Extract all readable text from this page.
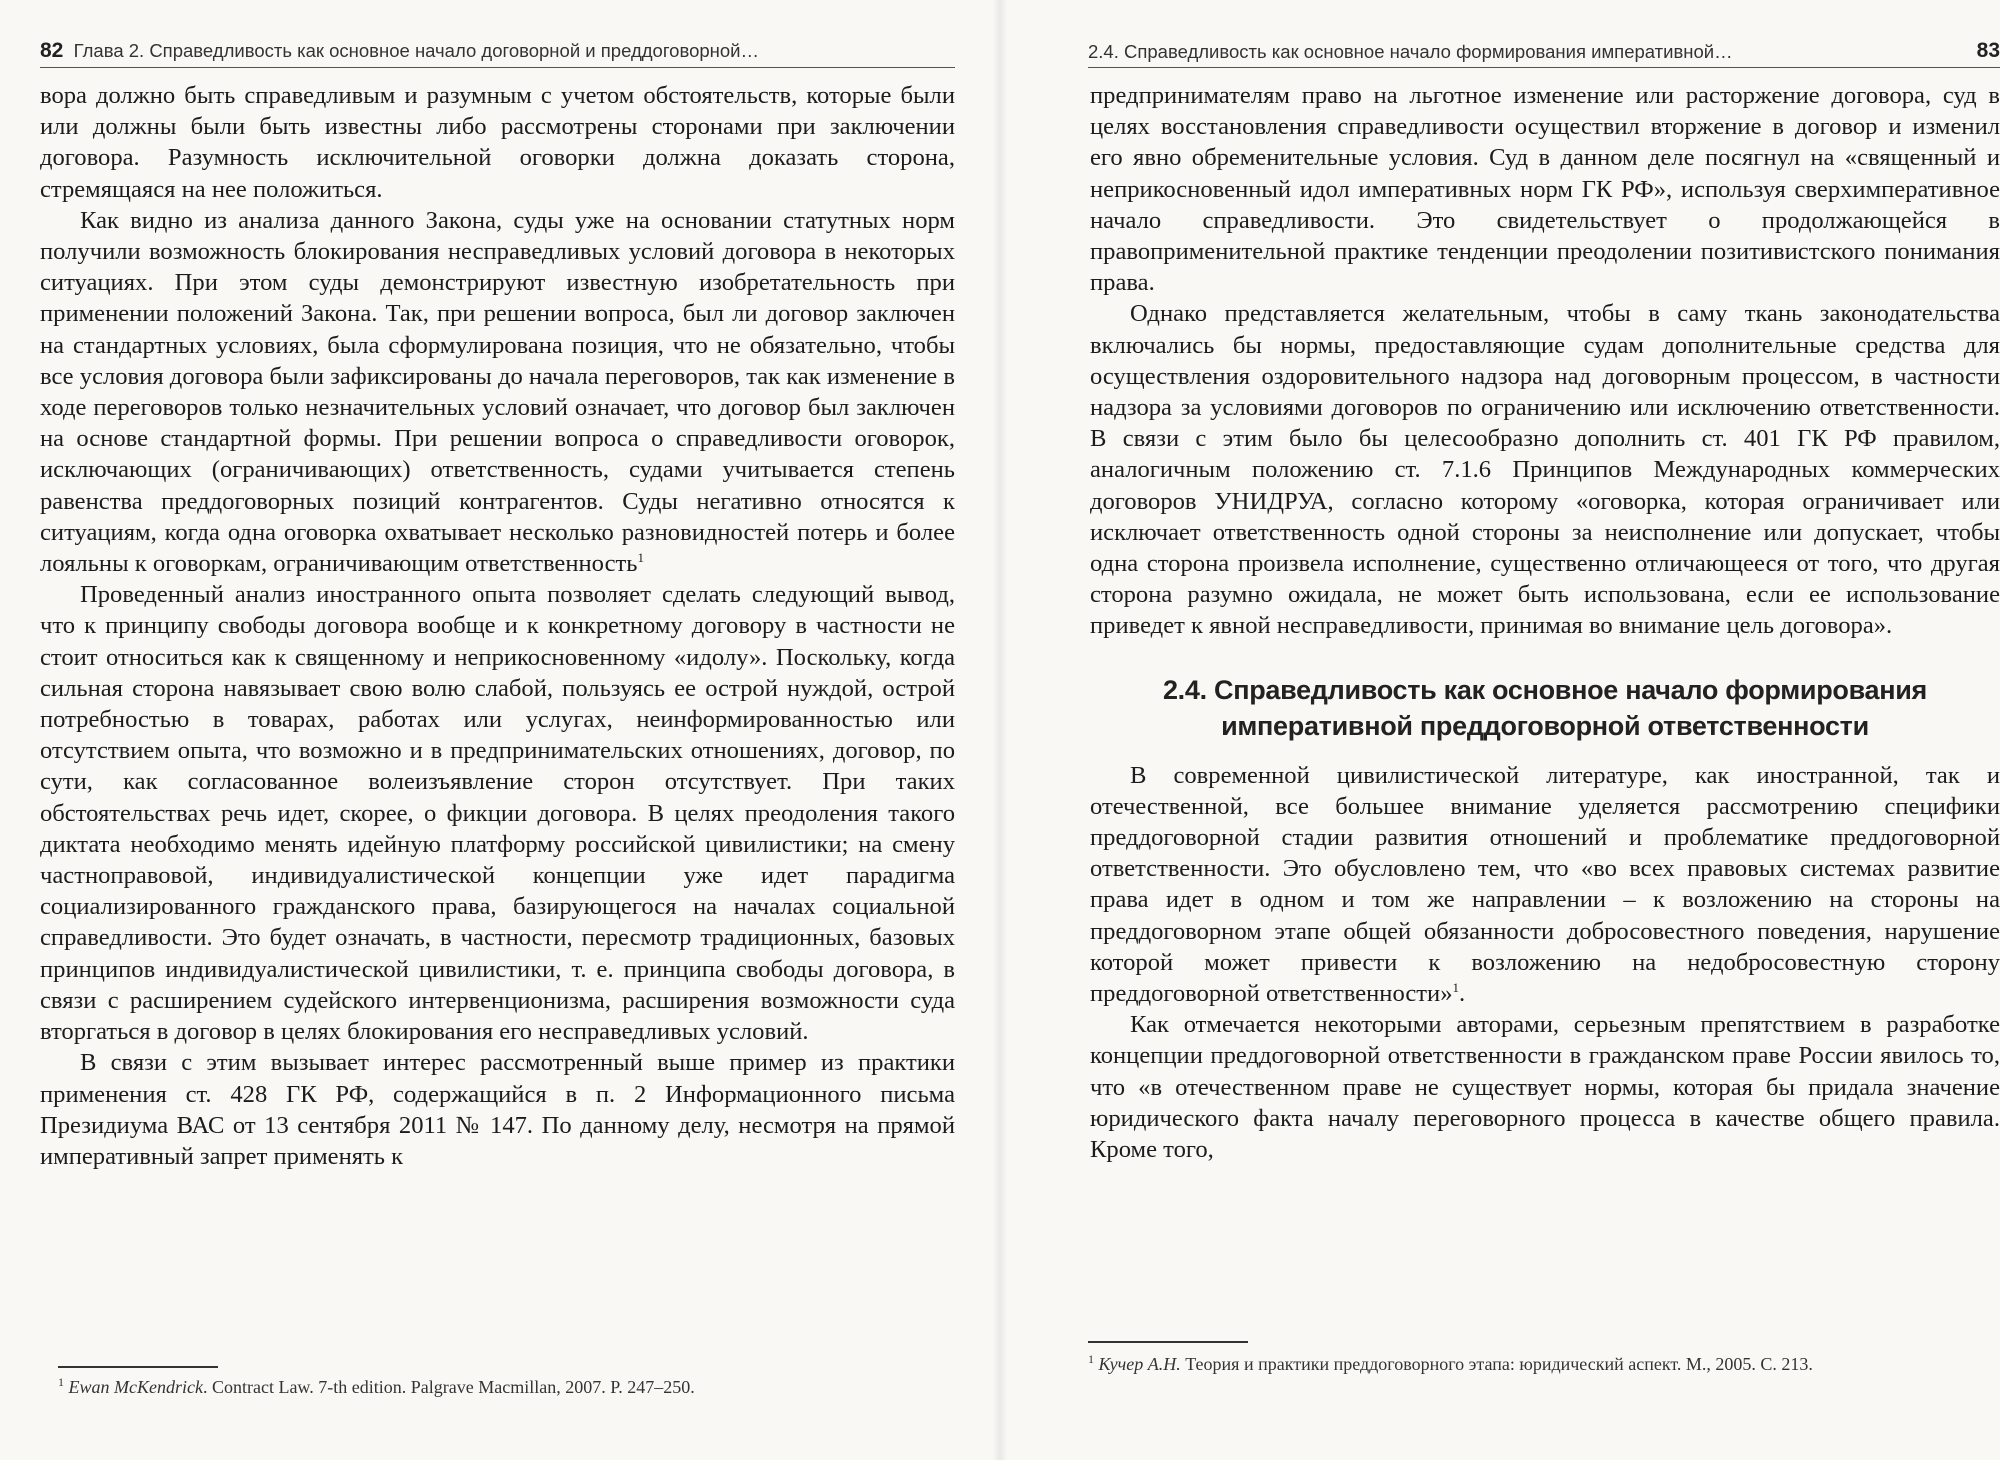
82 Глава 2. Справедливость как основное начало договорной и преддоговорной…

вора должно быть справедливым и разумным с учетом обстоятельств, которые были или должны были быть известны либо рассмотрены сторонами при заключении договора. Разумность исключительной оговорки должна доказать сторона, стремящаяся на нее положиться.

Как видно из анализа данного Закона, суды уже на основании статутных норм получили возможность блокирования несправедливых условий договора в некоторых ситуациях. При этом суды демонстрируют известную изобретательность при применении положений Закона. Так, при решении вопроса, был ли договор заключен на стандартных условиях, была сформулирована позиция, что не обязательно, чтобы все условия договора были зафиксированы до начала переговоров, так как изменение в ходе переговоров только незначительных условий означает, что договор был заключен на основе стандартной формы. При решении вопроса о справедливости оговорок, исключающих (ограничивающих) ответственность, судами учитывается степень равенства преддоговорных позиций контрагентов. Суды негативно относятся к ситуациям, когда одна оговорка охватывает несколько разновидностей потерь и более лояльны к оговоркам, ограничивающим ответственность$^1$

Проведенный анализ иностранного опыта позволяет сделать следующий вывод, что к принципу свободы договора вообще и к конкретному договору в частности не стоит относиться как к священному и неприкосновенному «идолу». Поскольку, когда сильная сторона навязывает свою волю слабой, пользуясь ее острой нуждой, острой потребностью в товарах, работах или услугах, неинформированностью или отсутствием опыта, что возможно и в предпринимательских отношениях, договор, по сути, как согласованное волеизъявление сторон отсутствует. При таких обстоятельствах речь идет, скорее, о фикции договора. В целях преодоления такого диктата необходимо менять идейную платформу российской цивилистики; на смену частноправовой, индивидуалистической концепции уже идет парадигма социализированного гражданского права, базирующегося на началах социальной справедливости. Это будет означать, в частности, пересмотр традиционных, базовых принципов индивидуалистической цивилистики, т. е. принципа свободы договора, в связи с расширением судейского интервенционизма, расширения возможности суда вторгаться в договор в целях блокирования его несправедливых условий.

В связи с этим вызывает интерес рассмотренный выше пример из практики применения ст. 428 ГК РФ, содержащийся в п. 2 Информационного письма Президиума ВАС от 13 сентября 2011 № 147. По данному делу, несмотря на прямой императивный запрет применять к

$^1$ Ewan McKendrick. Contract Law. 7-th edition. Palgrave Macmillan, 2007. P. 247–250.
2.4. Справедливость как основное начало формирования императивной…	83

предпринимателям право на льготное изменение или расторжение договора, суд в целях восстановления справедливости осуществил вторжение в договор и изменил его явно обременительные условия. Суд в данном деле посягнул на «священный и неприкосновенный идол императивных норм ГК РФ», используя сверхимперативное начало справедливости. Это свидетельствует о продолжающейся в правоприменительной практике тенденции преодолении позитивистского понимания права.

Однако представляется желательным, чтобы в саму ткань законодательства включались бы нормы, предоставляющие судам дополнительные средства для осуществления оздоровительного надзора над договорным процессом, в частности надзора за условиями договоров по ограничению или исключению ответственности. В связи с этим было бы целесообразно дополнить ст. 401 ГК РФ правилом, аналогичным положению ст. 7.1.6 Принципов Международных коммерческих договоров УНИДРУА, согласно которому «оговорка, которая ограничивает или исключает ответственность одной стороны за неисполнение или допускает, чтобы одна сторона произвела исполнение, существенно отличающееся от того, что другая сторона разумно ожидала, не может быть использована, если ее использование приведет к явной несправедливости, принимая во внимание цель договора».

2.4. Справедливость как основное начало формирования
императивной преддоговорной ответственности

В современной цивилистической литературе, как иностранной, так и отечественной, все большее внимание уделяется рассмотрению специфики преддоговорной стадии развития отношений и проблематике преддоговорной ответственности. Это обусловлено тем, что «во всех правовых системах развитие права идет в одном и том же направлении – к возложению на стороны на преддоговорном этапе общей обязанности добросовестного поведения, нарушение которой может привести к возложению на недобросовестную сторону преддоговорной ответственности»$^1$.

Как отмечается некоторыми авторами, серьезным препятствием в разработке концепции преддоговорной ответственности в гражданском праве России явилось то, что «в отечественном праве не существует нормы, которая бы придала значение юридического факта началу переговорного процесса в качестве общего правила. Кроме того,

$^1$ Кучер А.Н. Теория и практики преддоговорного этапа: юридический аспект. М., 2005. С. 213.
